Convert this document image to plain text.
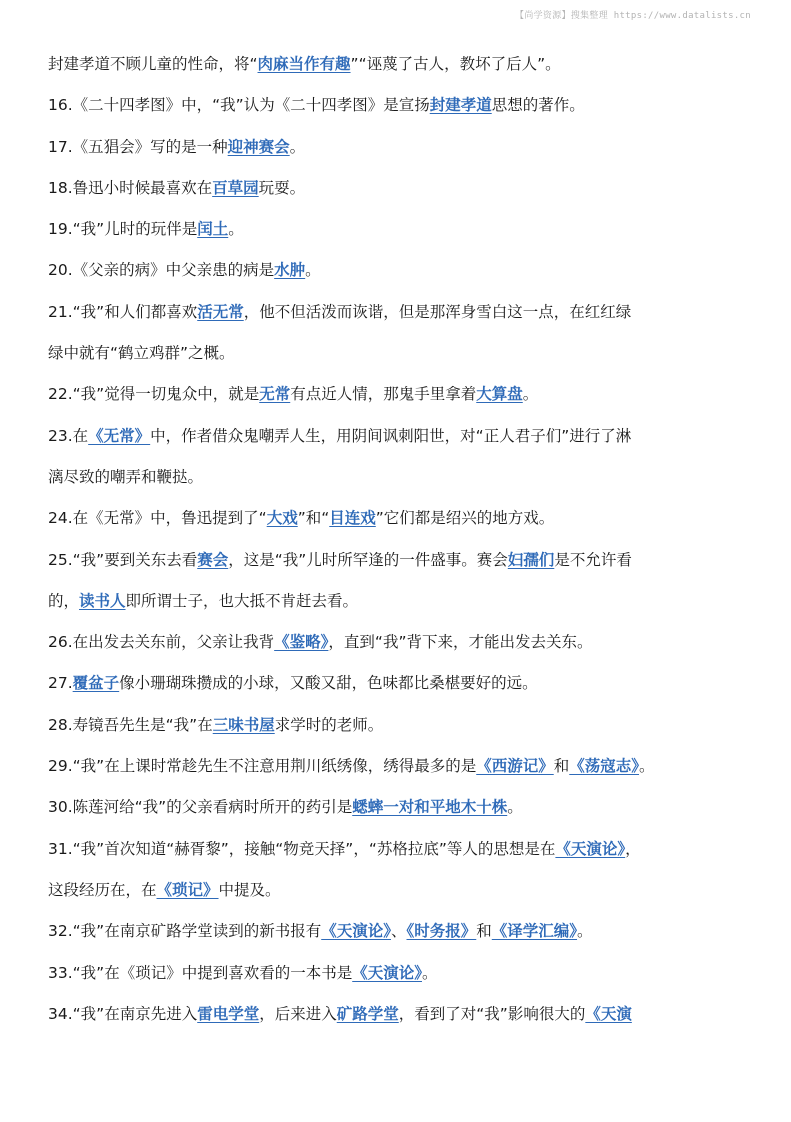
【尚学资源】搜集整理 https://www.datalists.cn
封建孝道不顾儿童的性命，将“肉麻当作有趣”“诬蔑了古人，教坏了后人”。
16.《二十四孝图》中，“我”认为《二十四孝图》是宣扬封建孝道思想的著作。
17.《五猖会》写的是一种迎神赛会。
18.鲁迅小时候最喜欢在百草园玩耍。
19.“我”儿时的玩伴是闰土。
20.《父亲的病》中父亲患的病是水肿。
21.“我”和人们都喜欢活无常，他不但活泼而诙谐，但是那浑身雪白这一点，在红红绿
绿中就有“鹤立鸡群”之概。
22.“我”觉得一切鬼众中，就是无常有点近人情，那鬼手里拿着大算盘。
23.在《无常》中，作者借众鬼嘲弄人生，用阴间讽刺阳世，对“正人君子们”进行了淋
漓尽致的嘲弄和鞭挞。
24.在《无常》中，鲁迅提到了“大戏”和“目连戏”它们都是绍兴的地方戏。
25.“我”要到关东去看赛会，这是“我”儿时所罕逢的一件盛事。赛会妇孺们是不允许看
的，读书人即所谓士子，也大抵不肯赶去看。
26.在出发去关东前，父亲让我背《鉴略》，直到“我”背下来，才能出发去关东。
27.覆盆子像小珊瑚珠攒成的小球，又酸又甜，色味都比桑椹要好的远。
28.寿镜吾先生是“我”在三味书屋求学时的老师。
29.“我”在上课时常趁先生不注意用荆川纸绣像，绣得最多的是《西游记》和《荡寇志》。
30.陈莲河给“我”的父亲看病时所开的药引是蟋蟀一对和平地木十株。
31.“我”首次知道“赫胥黎”，接触“物竞天择”，“苏格拉底”等人的思想是在《天演论》，
这段经历在，在《琐记》中提及。
32.“我”在南京矿路学堂读到的新书报有《天演论》、《时务报》和《译学汇编》。
33.“我”在《琐记》中提到喜欢看的一本书是《天演论》。
34.“我”在南京先进入雷电学堂，后来进入矿路学堂，看到了对“我”影响很大的《天演
